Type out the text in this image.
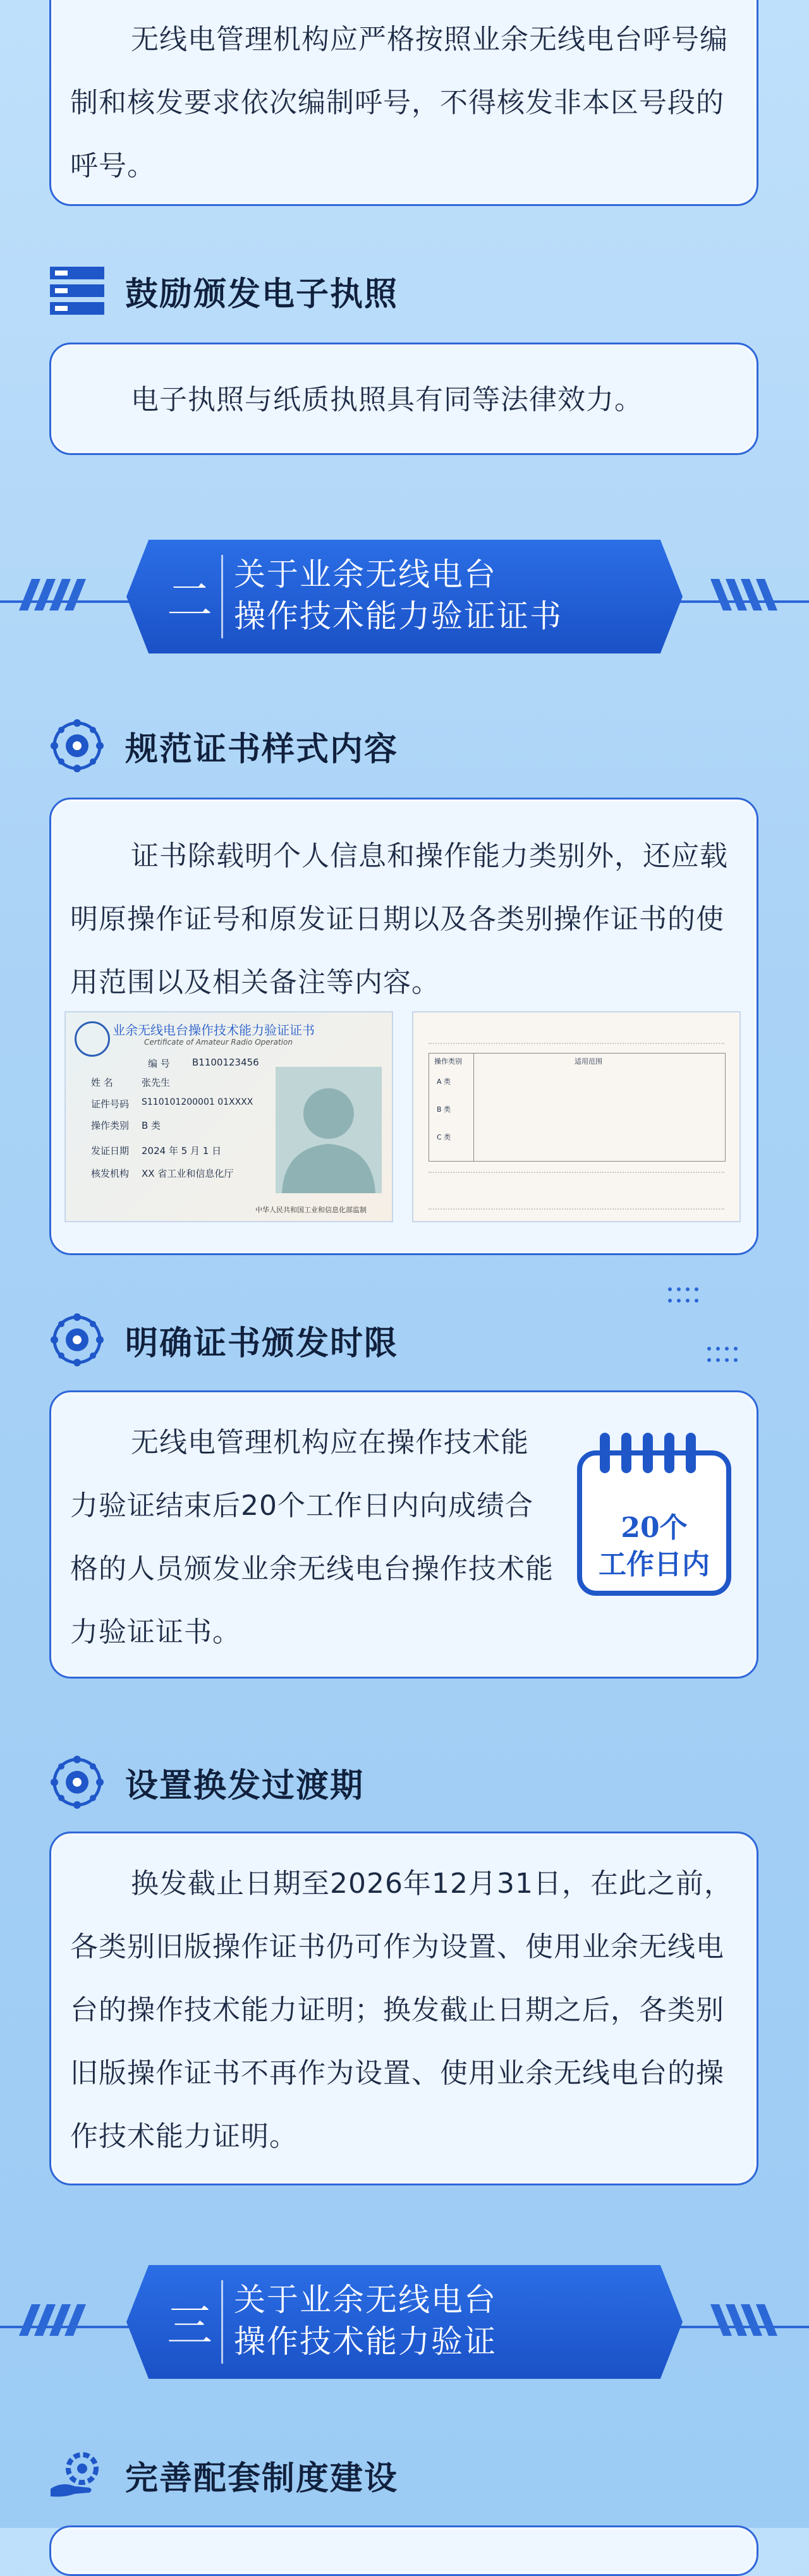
无线电管理机构应严格按照业余无线电台呼号编制和核发要求依次编制呼号，不得核发非本区号段的呼号。
鼓励颁发电子执照
电子执照与纸质执照具有同等法律效力。
二 关于业余无线电台
操作技术能力验证证书
规范证书样式内容
证书除载明个人信息和操作能力类别外，还应载明原操作证号和原发证日期以及各类别操作证书的使用范围以及相关备注等内容。
业余无线电台操作技术能力验证证书
Certificate of Amateur Radio Operation
编 号 B1100123456
姓 名	张先生
证件号码 S110101200001 01XXXX
操作类别 B 类
发证日期 2024 年 5 月 1 日
核发机构 XX 省工业和信息化厅
中华人民共和国工业和信息化部监制
操作类别	适用范围
A 类
B 类
C 类
明确证书颁发时限
无线电管理机构应在操作技术能力验证结束后20个工作日内向成绩合格的人员颁发业余无线电台操作技术能力验证证书。
20个
工作日内
设置换发过渡期
换发截止日期至2026年12月31日，在此之前，各类别旧版操作证书仍可作为设置、使用业余无线电台的操作技术能力证明；换发截止日期之后，各类别旧版操作证书不再作为设置、使用业余无线电台的操作技术能力证明。
三 关于业余无线电台
操作技术能力验证
完善配套制度建设
